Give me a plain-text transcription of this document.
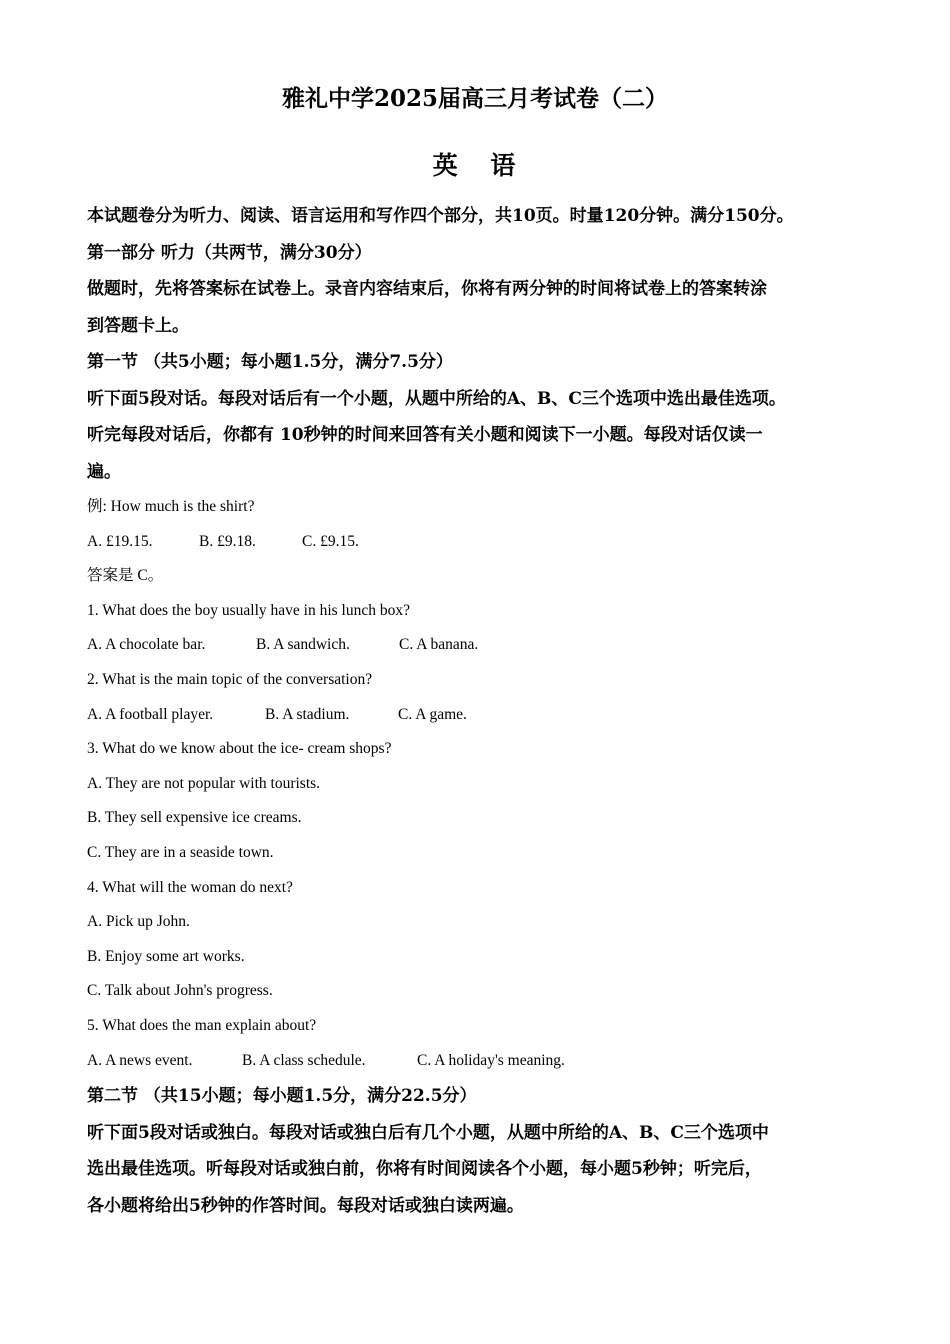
雅礼中学2025届高三月考试卷（二）
英 语
本试题卷分为听力、阅读、语言运用和写作四个部分，共10页。时量120分钟。满分150分。
第一部分 听力（共两节，满分30分）
做题时，先将答案标在试卷上。录音内容结束后，你将有两分钟的时间将试卷上的答案转涂
到答题卡上。
第一节 （共5小题；每小题1.5分，满分7.5分）
听下面5段对话。每段对话后有一个小题，从题中所给的A、B、C三个选项中选出最佳选项。
听完每段对话后，你都有 10秒钟的时间来回答有关小题和阅读下一小题。每段对话仅读一
遍。
例: How much is the shirt?
A. £19.15.	B. £9.18.	C. £9.15.
答案是 C。
1. What does the boy usually have in his lunch box?
A. A chocolate bar.	B. A sandwich.	C. A banana.
2. What is the main topic of the conversation?
A. A football player.	B. A stadium.	C. A game.
3. What do we know about the ice- cream shops?
A. They are not popular with tourists.
B. They sell expensive ice creams.
C. They are in a seaside town.
4. What will the woman do next?
A. Pick up John.
B. Enjoy some art works.
C. Talk about John's progress.
5. What does the man explain about?
A. A news event.	B. A class schedule.	C. A holiday's meaning.
第二节 （共15小题；每小题1.5分，满分22.5分）
听下面5段对话或独白。每段对话或独白后有几个小题，从题中所给的A、B、C三个选项中
选出最佳选项。听每段对话或独白前，你将有时间阅读各个小题，每小题5秒钟；听完后，
各小题将给出5秒钟的作答时间。每段对话或独白读两遍。
